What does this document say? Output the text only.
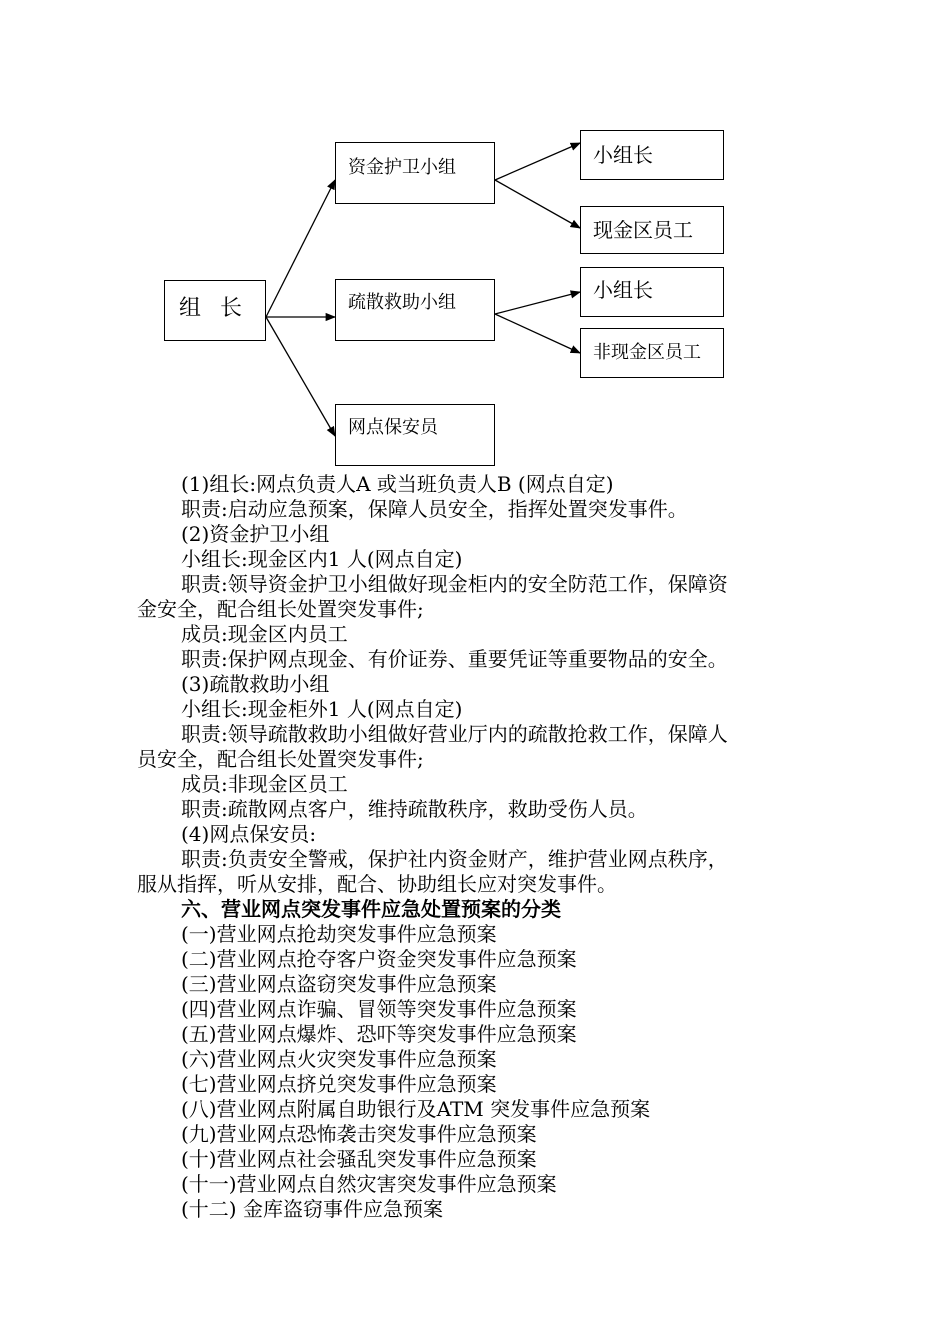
组 长
资金护卫小组
疏散救助小组
网点保安员
小组长
现金区员工
小组长
非现金区员工
(1)组长:网点负责人A 或当班负责人B (网点自定)
职责:启动应急预案，保障人员安全，指挥处置突发事件。
(2)资金护卫小组
小组长:现金区内1 人(网点自定)
职责:领导资金护卫小组做好现金柜内的安全防范工作，保障资
金安全，配合组长处置突发事件;
成员:现金区内员工
职责:保护网点现金、有价证券、重要凭证等重要物品的安全。
(3)疏散救助小组
小组长:现金柜外1 人(网点自定)
职责:领导疏散救助小组做好营业厅内的疏散抢救工作，保障人
员安全，配合组长处置突发事件;
成员:非现金区员工
职责:疏散网点客户，维持疏散秩序，救助受伤人员。
(4)网点保安员:
职责:负责安全警戒，保护社内资金财产，维护营业网点秩序，
服从指挥，听从安排，配合、协助组长应对突发事件。
六、营业网点突发事件应急处置预案的分类
(一)营业网点抢劫突发事件应急预案
(二)营业网点抢夺客户资金突发事件应急预案
(三)营业网点盗窃突发事件应急预案
(四)营业网点诈骗、冒领等突发事件应急预案
(五)营业网点爆炸、恐吓等突发事件应急预案
(六)营业网点火灾突发事件应急预案
(七)营业网点挤兑突发事件应急预案
(八)营业网点附属自助银行及ATM 突发事件应急预案
(九)营业网点恐怖袭击突发事件应急预案
(十)营业网点社会骚乱突发事件应急预案
(十一)营业网点自然灾害突发事件应急预案
(十二) 金库盗窃事件应急预案
